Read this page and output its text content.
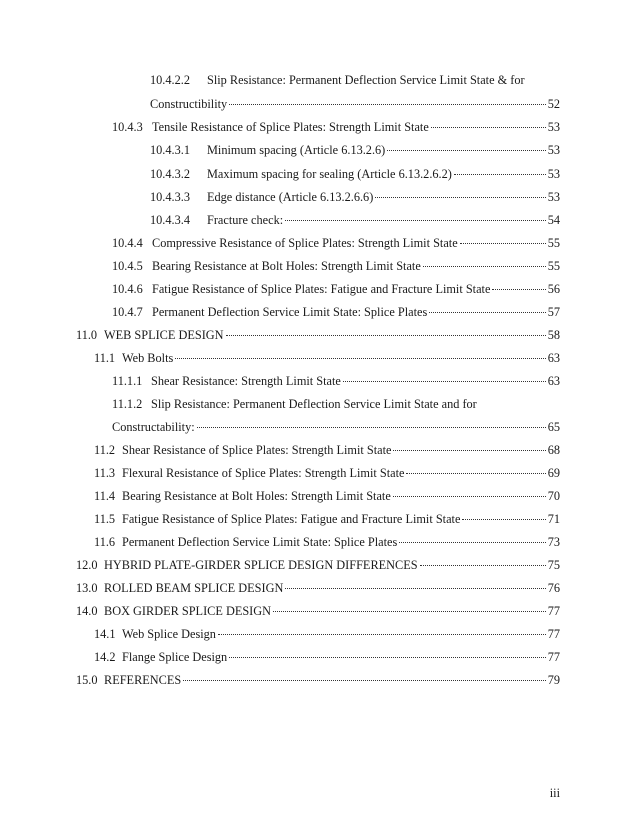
10.4.2.2 Slip Resistance: Permanent Deflection Service Limit State & for
Constructibility	52
10.4.3 Tensile Resistance of Splice Plates: Strength Limit State	53
10.4.3.1	Minimum spacing (Article 6.13.2.6)	53
10.4.3.2	Maximum spacing for sealing (Article 6.13.2.6.2)	53
10.4.3.3	Edge distance (Article 6.13.2.6.6)	53
10.4.3.4	Fracture check:	54
10.4.4 Compressive Resistance of Splice Plates: Strength Limit State	55
10.4.5 Bearing Resistance at Bolt Holes: Strength Limit State	55
10.4.6 Fatigue Resistance of Splice Plates: Fatigue and Fracture Limit State	56
10.4.7 Permanent Deflection Service Limit State: Splice Plates	57
11.0 WEB SPLICE DESIGN	58
11.1 Web Bolts	63
11.1.1 Shear Resistance: Strength Limit State	63
11.1.2 Slip Resistance: Permanent Deflection Service Limit State and for
Constructability:	65
11.2 Shear Resistance of Splice Plates: Strength Limit State	68
11.3 Flexural Resistance of Splice Plates: Strength Limit State	69
11.4 Bearing Resistance at Bolt Holes: Strength Limit State	70
11.5 Fatigue Resistance of Splice Plates: Fatigue and Fracture Limit State	71
11.6 Permanent Deflection Service Limit State: Splice Plates	73
12.0 HYBRID PLATE-GIRDER SPLICE DESIGN DIFFERENCES	75
13.0 ROLLED BEAM SPLICE DESIGN	76
14.0 BOX GIRDER SPLICE DESIGN	77
14.1 Web Splice Design	77
14.2 Flange Splice Design	77
15.0 REFERENCES	79
iii
